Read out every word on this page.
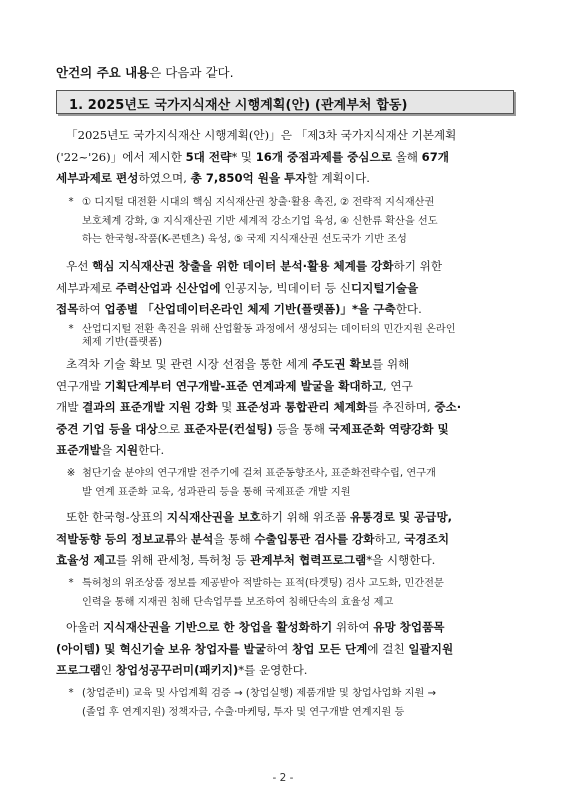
안건의 주요 내용은 다음과 같다.
1. 2025년도 국가지식재산 시행계획(안) (관계부처 합동)
「2025년도 국가지식재산 시행계획(안)」은 「제3차 국가지식재산 기본계획
('22~'26)」에서 제시한 5대 전략* 및 16개 중점과제를 중심으로 올해 67개
세부과제로 편성하였으며, 총 7,850억 원을 투자할 계획이다.
* ① 디지털 대전환 시대의 핵심 지식재산권 창출·활용 촉진, ② 전략적 지식재산권
보호체계 강화, ③ 지식재산권 기반 세계적 강소기업 육성, ④ 신한류 확산을 선도
하는 한국형-작품(K-콘텐츠) 육성, ⑤ 국제 지식재산권 선도국가 기반 조성
우선 핵심 지식재산권 창출을 위한 데이터 분석·활용 체계를 강화하기 위한
세부과제로 주력산업과 신산업에 인공지능, 빅데이터 등 신디지털기술을
접목하여 업종별 「산업데이터온라인 체제 기반(플랫폼)」*을 구축한다.
* 산업디지털 전환 촉진을 위해 산업활동 과정에서 생성되는 데이터의 민간지원 온라인
체제 기반(플랫폼)
초격차 기술 확보 및 관련 시장 선점을 통한 세계 주도권 확보를 위해
연구개발 기획단계부터 연구개발-표준 연계과제 발굴을 확대하고, 연구
개발 결과의 표준개발 지원 강화 및 표준성과 통합관리 체계화를 추진하며, 중소·
중견 기업 등을 대상으로 표준자문(컨설팅) 등을 통해 국제표준화 역량강화 및
표준개발을 지원한다.
※ 첨단기술 분야의 연구개발 전주기에 걸쳐 표준동향조사, 표준화전략수립, 연구개
발 연계 표준화 교육, 성과관리 등을 통해 국제표준 개발 지원
또한 한국형-상표의 지식재산권을 보호하기 위해 위조품 유통경로 및 공급망,
적발동향 등의 정보교류와 분석을 통해 수출입통관 검사를 강화하고, 국경조치
효율성 제고를 위해 관세청, 특허청 등 관계부처 협력프로그램*을 시행한다.
* 특허청의 위조상품 정보를 제공받아 적발하는 표적(타겟팅) 검사 고도화, 민간전문
인력을 통해 지재권 침해 단속업무를 보조하여 침해단속의 효율성 제고
아울러 지식재산권을 기반으로 한 창업을 활성화하기 위하여 유망 창업품목
(아이템) 및 혁신기술 보유 창업자를 발굴하여 창업 모든 단계에 걸친 일괄지원
프로그램인 창업성공꾸러미(패키지)*를 운영한다.
* (창업준비) 교육 및 사업계획 검증 → (창업실행) 제품개발 및 창업사업화 지원 →
(졸업 후 연계지원) 정책자금, 수출·마케팅, 투자 및 연구개발 연계지원 등
- 2 -
